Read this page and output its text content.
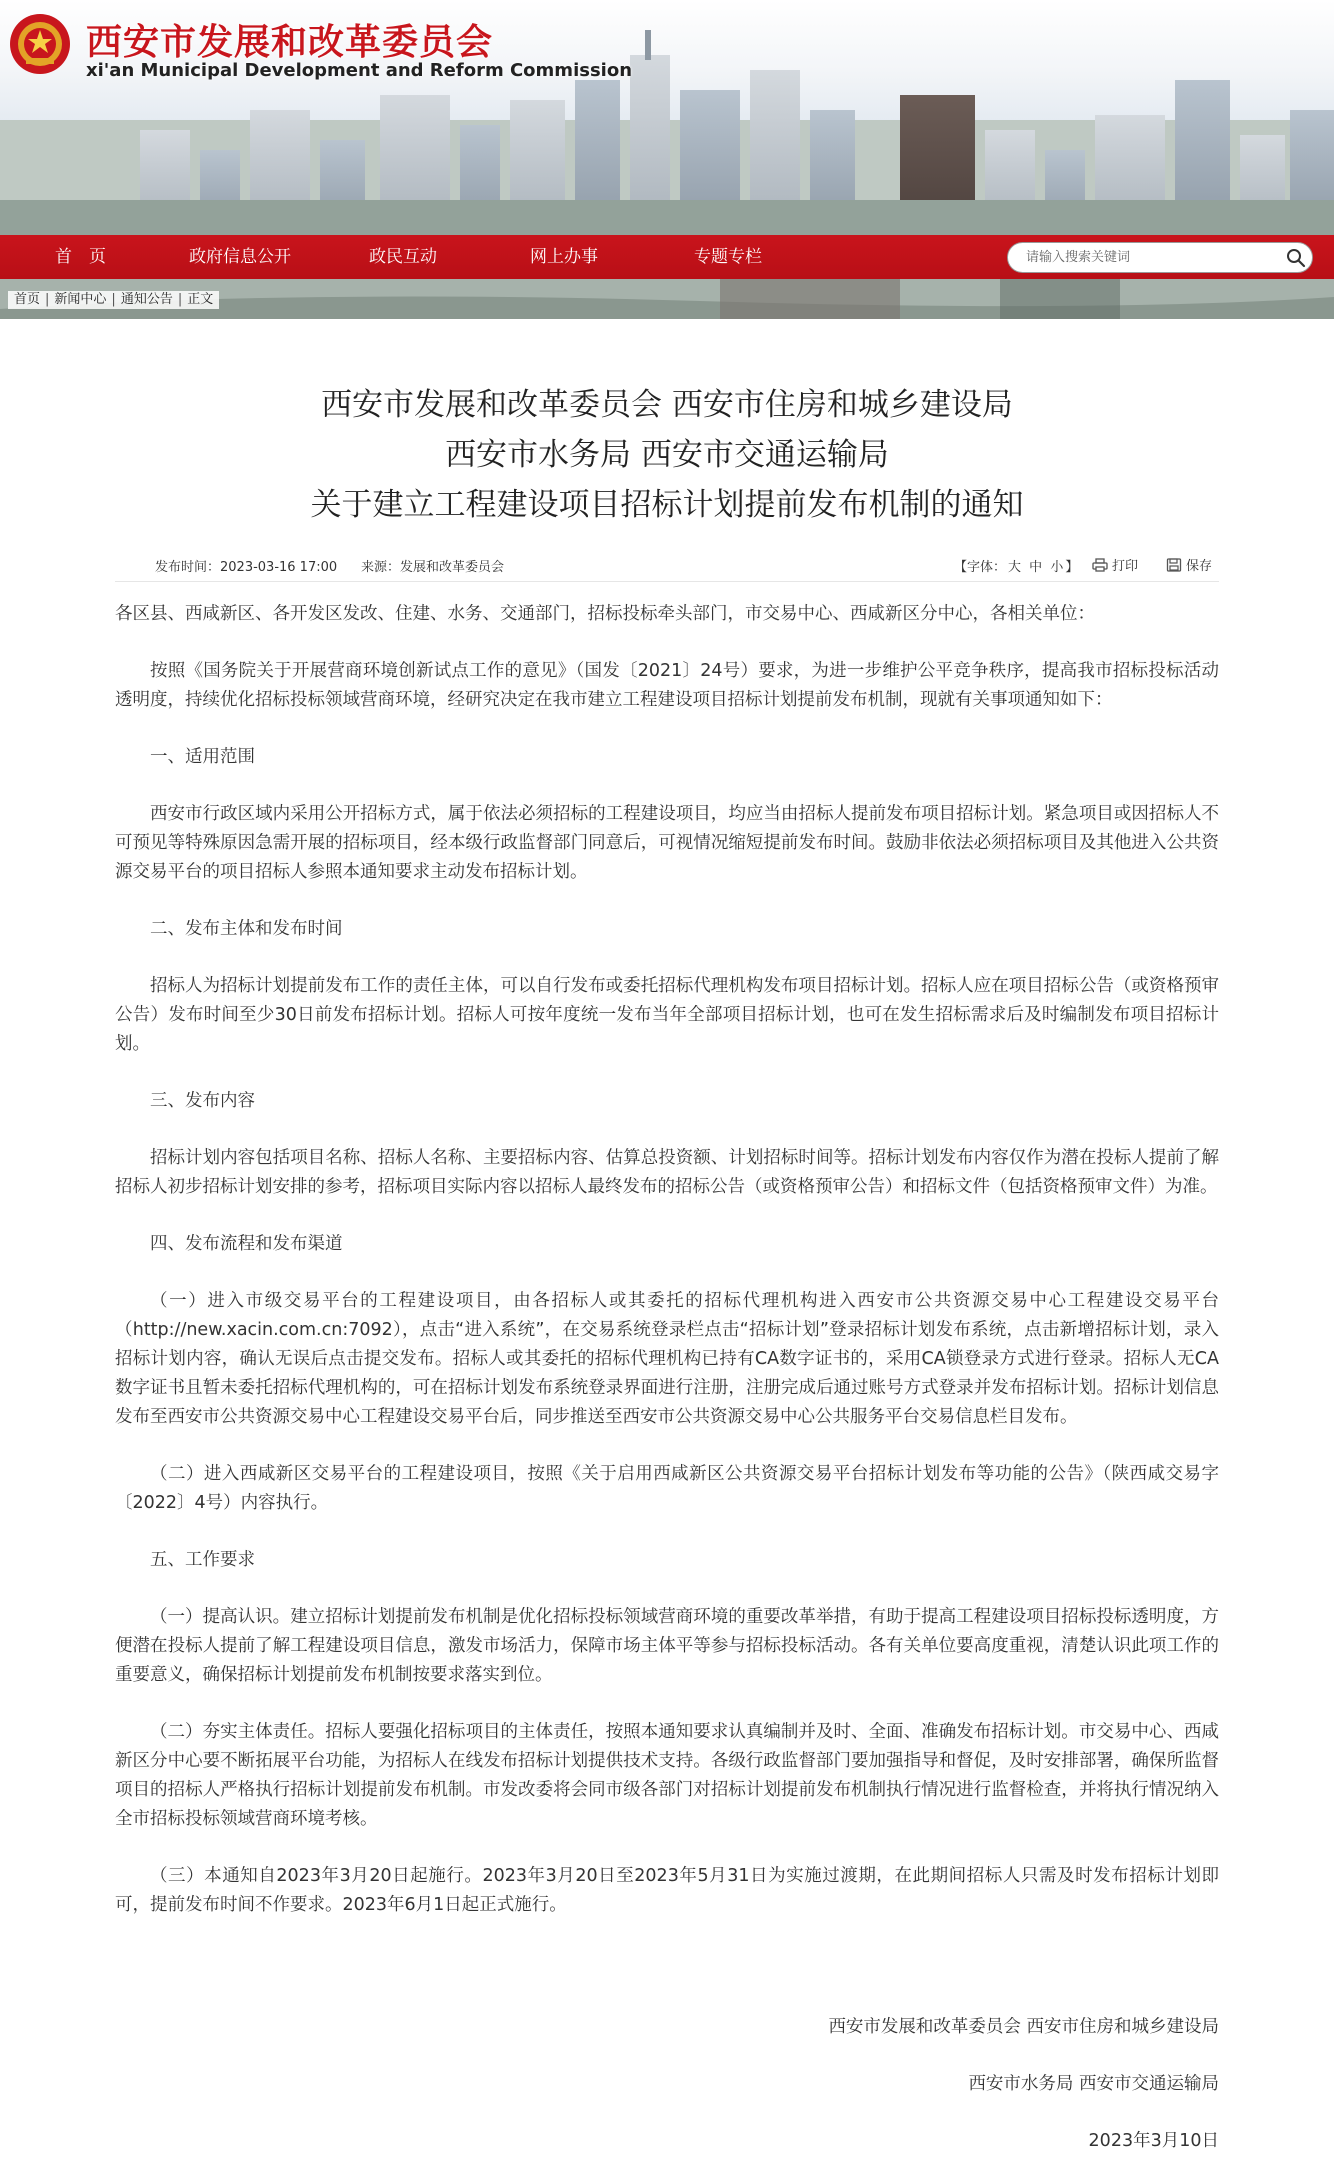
西安市发展和改革委员会
xi'an Municipal Development and Reform Commission
首　页	政府信息公开	政民互动	网上办事	专题专栏
请输入搜索关键词
首页 | 新闻中心 | 通知公告 | 正文
西安市发展和改革委员会 西安市住房和城乡建设局
西安市水务局 西安市交通运输局
关于建立工程建设项目招标计划提前发布机制的通知
发布时间：2023-03-16 17:00 来源：发展和改革委员会	【字体： 大 中 小 】	打印	保存

各区县、西咸新区、各开发区发改、住建、水务、交通部门，招标投标牵头部门，市交易中心、西咸新区分中心，各相关单位：

按照《国务院关于开展营商环境创新试点工作的意见》（国发〔2021〕24号）要求，为进一步维护公平竞争秩序，提高我市招标投标活动透明度，持续优化招标投标领域营商环境，经研究决定在我市建立工程建设项目招标计划提前发布机制，现就有关事项通知如下：

一、适用范围

西安市行政区域内采用公开招标方式，属于依法必须招标的工程建设项目，均应当由招标人提前发布项目招标计划。紧急项目或因招标人不可预见等特殊原因急需开展的招标项目，经本级行政监督部门同意后，可视情况缩短提前发布时间。鼓励非依法必须招标项目及其他进入公共资源交易平台的项目招标人参照本通知要求主动发布招标计划。

二、发布主体和发布时间

招标人为招标计划提前发布工作的责任主体，可以自行发布或委托招标代理机构发布项目招标计划。招标人应在项目招标公告（或资格预审公告）发布时间至少30日前发布招标计划。招标人可按年度统一发布当年全部项目招标计划，也可在发生招标需求后及时编制发布项目招标计划。

三、发布内容

招标计划内容包括项目名称、招标人名称、主要招标内容、估算总投资额、计划招标时间等。招标计划发布内容仅作为潜在投标人提前了解招标人初步招标计划安排的参考，招标项目实际内容以招标人最终发布的招标公告（或资格预审公告）和招标文件（包括资格预审文件）为准。

四、发布流程和发布渠道

（一）进入市级交易平台的工程建设项目，由各招标人或其委托的招标代理机构进入西安市公共资源交易中心工程建设交易平台（http://new.xacin.com.cn:7092），点击“进入系统”，在交易系统登录栏点击“招标计划”登录招标计划发布系统，点击新增招标计划，录入招标计划内容，确认无误后点击提交发布。招标人或其委托的招标代理机构已持有CA数字证书的，采用CA锁登录方式进行登录。招标人无CA数字证书且暂未委托招标代理机构的，可在招标计划发布系统登录界面进行注册，注册完成后通过账号方式登录并发布招标计划。招标计划信息发布至西安市公共资源交易中心工程建设交易平台后，同步推送至西安市公共资源交易中心公共服务平台交易信息栏目发布。

（二）进入西咸新区交易平台的工程建设项目，按照《关于启用西咸新区公共资源交易平台招标计划发布等功能的公告》（陕西咸交易字〔2022〕4号）内容执行。

五、工作要求

（一）提高认识。建立招标计划提前发布机制是优化招标投标领域营商环境的重要改革举措，有助于提高工程建设项目招标投标透明度，方便潜在投标人提前了解工程建设项目信息，激发市场活力，保障市场主体平等参与招标投标活动。各有关单位要高度重视，清楚认识此项工作的重要意义，确保招标计划提前发布机制按要求落实到位。

（二）夯实主体责任。招标人要强化招标项目的主体责任，按照本通知要求认真编制并及时、全面、准确发布招标计划。市交易中心、西咸新区分中心要不断拓展平台功能，为招标人在线发布招标计划提供技术支持。各级行政监督部门要加强指导和督促，及时安排部署，确保所监督项目的招标人严格执行招标计划提前发布机制。市发改委将会同市级各部门对招标计划提前发布机制执行情况进行监督检查，并将执行情况纳入全市招标投标领域营商环境考核。

（三）本通知自2023年3月20日起施行。2023年3月20日至2023年5月31日为实施过渡期，在此期间招标人只需及时发布招标计划即可，提前发布时间不作要求。2023年6月1日起正式施行。

西安市发展和改革委员会 西安市住房和城乡建设局
西安市水务局 西安市交通运输局
2023年3月10日
